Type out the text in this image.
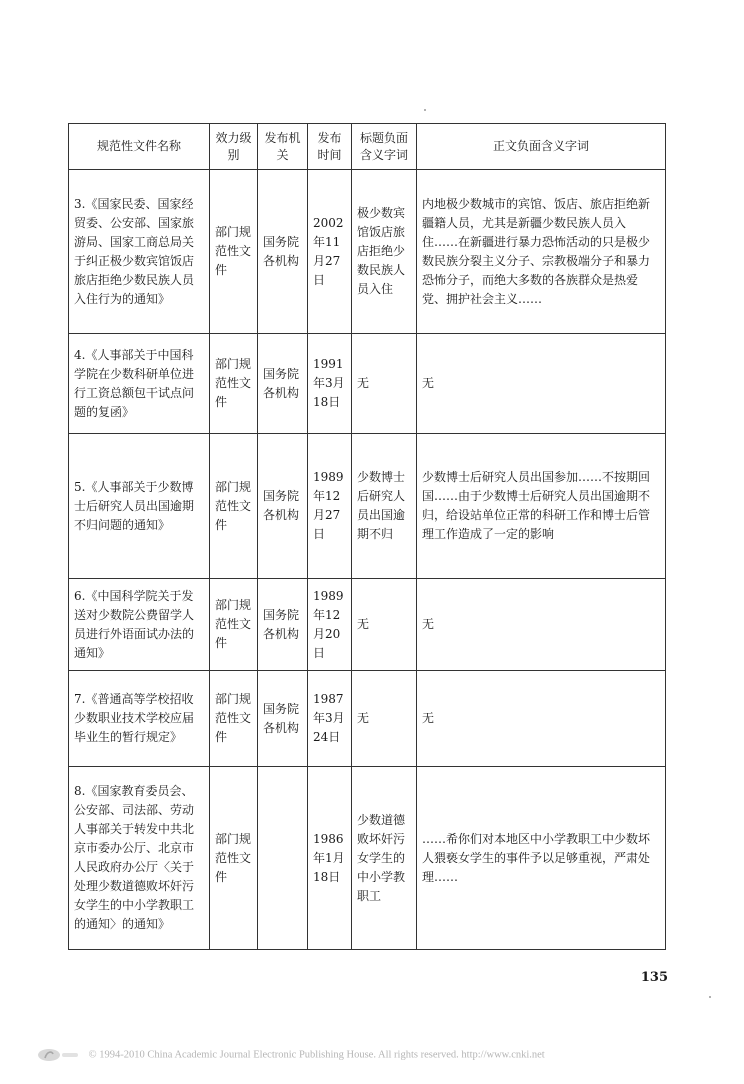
规范性文件名称	效力级别	发布机关	发布时间	标题负面含义字词	正文负面含义字词
3.《国家民委、国家经贸委、公安部、国家旅游局、国家工商总局关于纠正极少数宾馆饭店旅店拒绝少数民族人员入住行为的通知》	部门规范性文件	国务院各机构	2002年11月27日	极少数宾馆饭店旅店拒绝少数民族人员入住	内地极少数城市的宾馆、饭店、旅店拒绝新疆籍人员，尤其是新疆少数民族人员入住……在新疆进行暴力恐怖活动的只是极少数民族分裂主义分子、宗教极端分子和暴力恐怖分子，而绝大多数的各族群众是热爱党、拥护社会主义……
4.《人事部关于中国科学院在少数科研单位进行工资总额包干试点问题的复函》	部门规范性文件	国务院各机构	1991年3月18日	无	无
5.《人事部关于少数博士后研究人员出国逾期不归问题的通知》	部门规范性文件	国务院各机构	1989年12月27日	少数博士后研究人员出国逾期不归	少数博士后研究人员出国参加……不按期回国……由于少数博士后研究人员出国逾期不归，给设站单位正常的科研工作和博士后管理工作造成了一定的影响
6.《中国科学院关于发送对少数院公费留学人员进行外语面试办法的通知》	部门规范性文件	国务院各机构	1989年12月20日	无	无
7.《普通高等学校招收少数职业技术学校应届毕业生的暂行规定》	部门规范性文件	国务院各机构	1987年3月24日	无	无
8.《国家教育委员会、公安部、司法部、劳动人事部关于转发中共北京市委办公厅、北京市人民政府办公厅〈关于处理少数道德败坏奸污女学生的中小学教职工的通知〉的通知》	部门规范性文件		1986年1月18日	少数道德败坏奸污女学生的中小学教职工	……希你们对本地区中小学教职工中少数坏人猥亵女学生的事件予以足够重视，严肃处理……
135
© 1994-2010 China Academic Journal Electronic Publishing House. All rights reserved. http://www.cnki.net
